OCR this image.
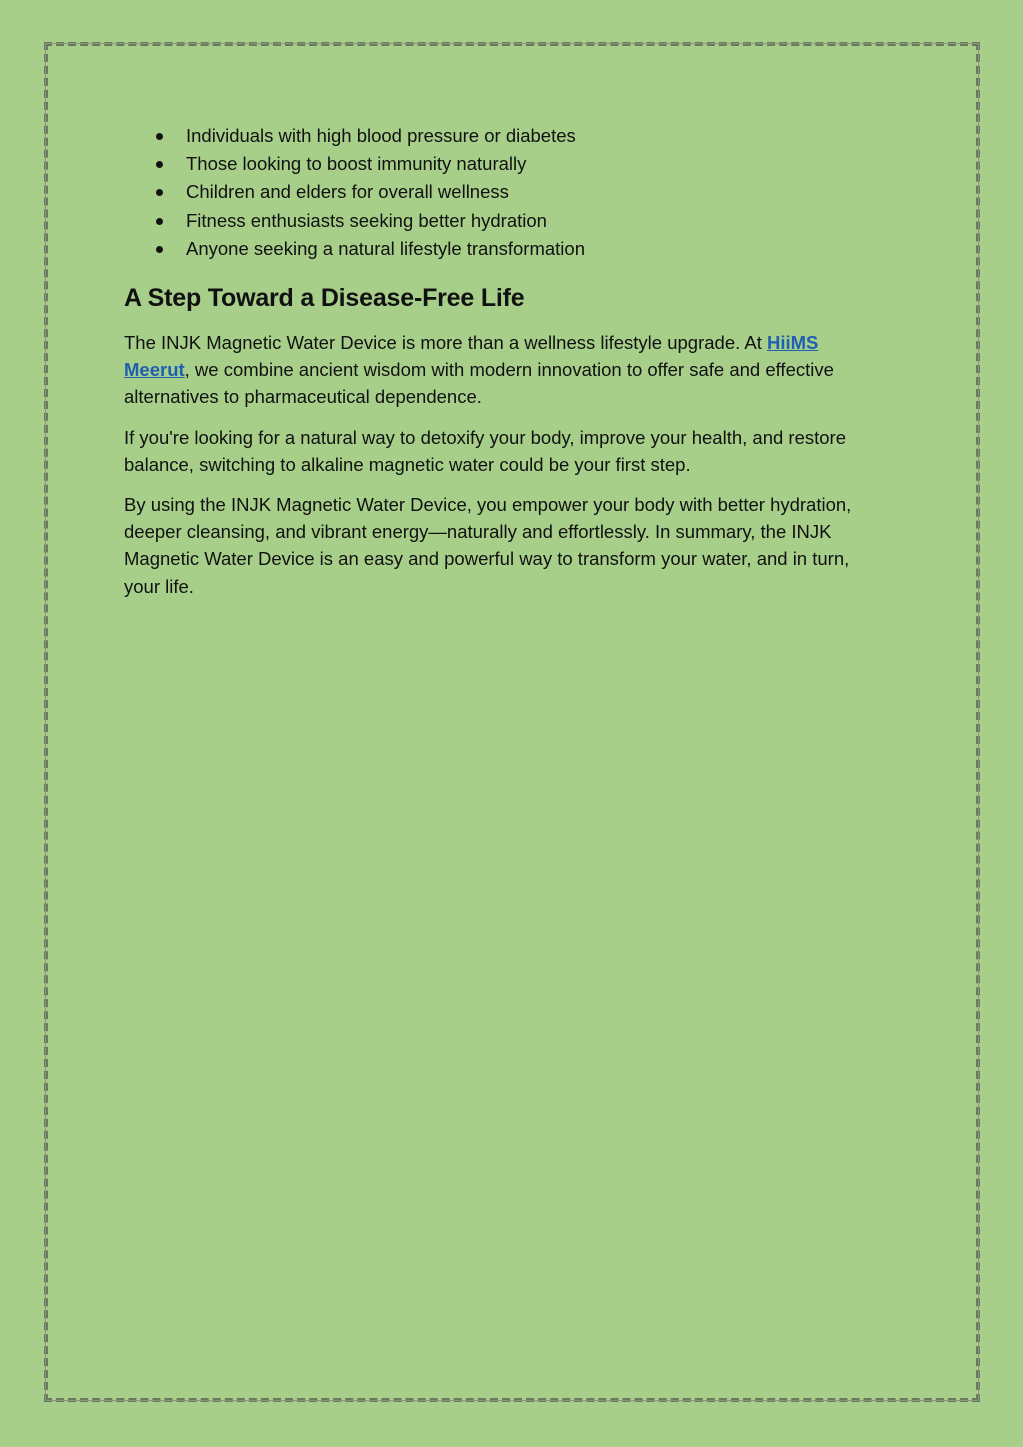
Individuals with high blood pressure or diabetes
Those looking to boost immunity naturally
Children and elders for overall wellness
Fitness enthusiasts seeking better hydration
Anyone seeking a natural lifestyle transformation
A Step Toward a Disease-Free Life

The INJK Magnetic Water Device is more than a wellness lifestyle upgrade. At HiiMS Meerut, we combine ancient wisdom with modern innovation to offer safe and effective alternatives to pharmaceutical dependence.

If you're looking for a natural way to detoxify your body, improve your health, and restore balance, switching to alkaline magnetic water could be your first step.

By using the INJK Magnetic Water Device, you empower your body with better hydration, deeper cleansing, and vibrant energy—naturally and effortlessly. In summary, the INJK Magnetic Water Device is an easy and powerful way to transform your water, and in turn, your life.
